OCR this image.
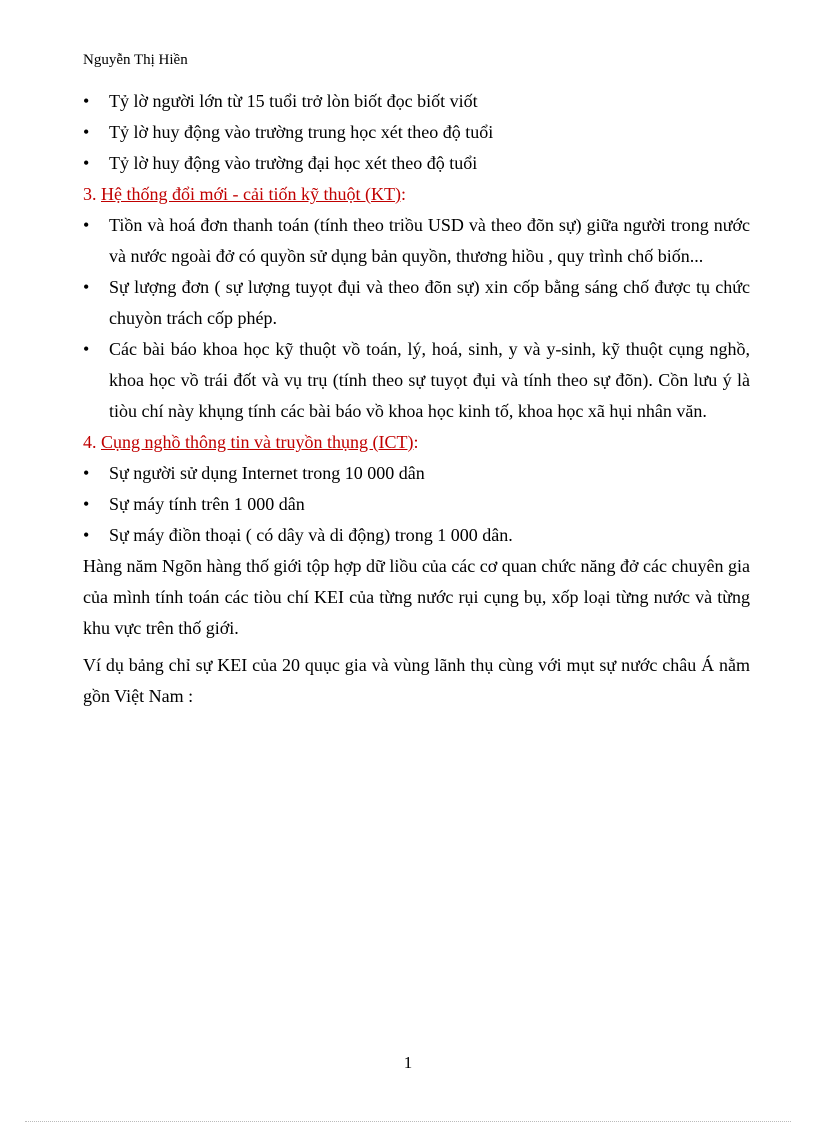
Nguyễn Thị Hiền
• Tỷ lờ người lớn từ 15 tuổi trở lòn biốt đọc biốt viốt
• Tỷ lờ huy động vào trường trung học xét theo độ tuổi
• Tỷ lờ huy động vào trường đại học xét theo độ tuổi
3. Hệ thống đổi mới - cải tiốn kỹ thuột (KT):
• Tiồn và hoá đơn thanh toán (tính theo triồu USD và theo đõn sự) giữa người trong nước và nước ngoài đở có quyồn sử dụng bản quyồn, thương hiồu , quy trình chố biốn...
• Sự lượng đơn ( sự lượng tuyọt đụi và theo đõn sự) xin cốp bằng sáng chố được tụ chức chuyòn trách cốp phép.
• Các bài báo khoa học kỹ thuột vồ toán, lý, hoá, sinh, y và y-sinh, kỹ thuột cụng nghồ, khoa học vồ trái đốt và vụ trụ (tính theo sự tuyọt đụi và tính theo sự đõn). Cồn lưu ý là tiòu chí này khụng tính các bài báo vồ khoa học kinh tố, khoa học xã hụi nhân văn.
4. Cụng nghồ thông tin và truyồn thụng (ICT):
• Sự người sử dụng Internet trong 10 000 dân
• Sự máy tính trên 1 000 dân
• Sự máy điồn thoại ( có dây và di động) trong 1 000 dân.

Hàng năm Ngõn hàng thố giới tộp hợp dữ liồu của các cơ quan chức năng đở các chuyên gia của mình tính toán các tiòu chí KEI của từng nước rụi cụng bụ, xốp loại từng nước và từng khu vực trên thố giới.

Ví dụ bảng chỉ sự KEI của 20 quục gia và vùng lãnh thụ cùng với mụt sự nước châu Á nằm gồn Việt Nam :

1
